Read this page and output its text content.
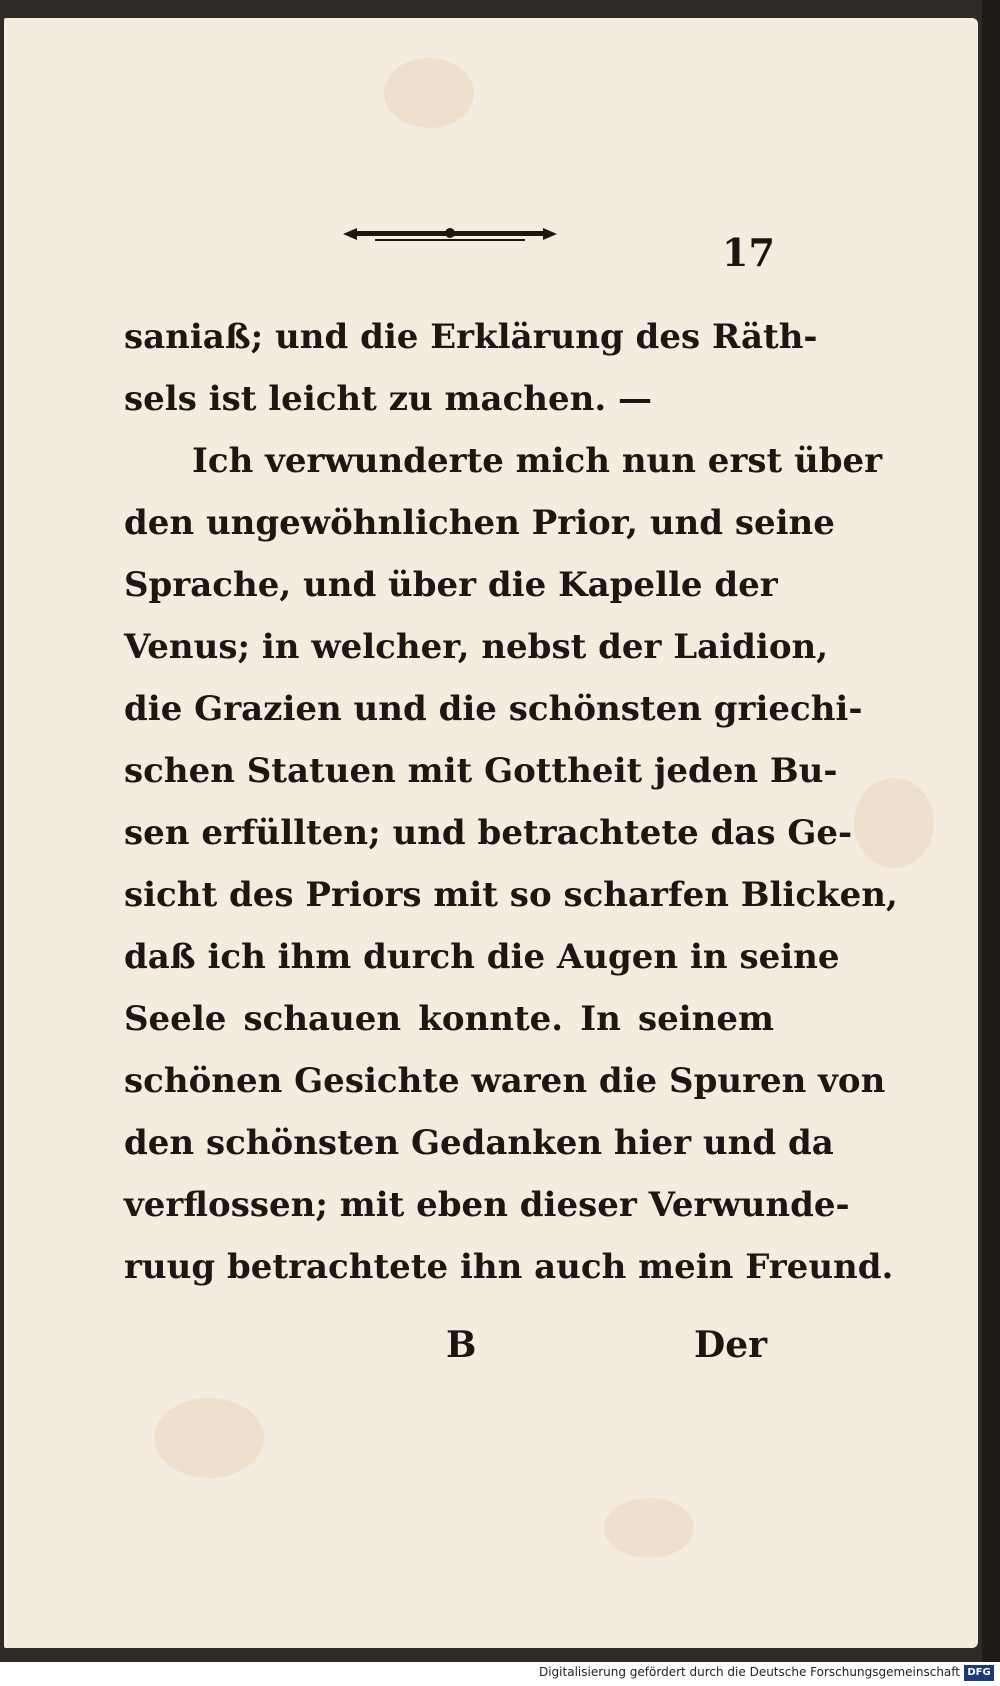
17
saniaß; und die Erklärung des Räth-
sels ist leicht zu machen. —
Ich verwunderte mich nun erst über
den ungewöhnlichen Prior, und seine
Sprache, und über die Kapelle der
Venus; in welcher, nebst der Laidion,
die Grazien und die schönsten griechi-
schen Statuen mit Gottheit jeden Bu-
sen erfüllten; und betrachtete das Ge-
sicht des Priors mit so scharfen Blicken,
daß ich ihm durch die Augen in seine
Seele schauen konnte. In seinem
schönen Gesichte waren die Spuren von
den schönsten Gedanken hier und da
verflossen; mit eben dieser Verwunde-
ruug betrachtete ihn auch mein Freund.
B	Der
Digitalisierung gefördert durch die Deutsche Forschungsgemeinschaft DFG
